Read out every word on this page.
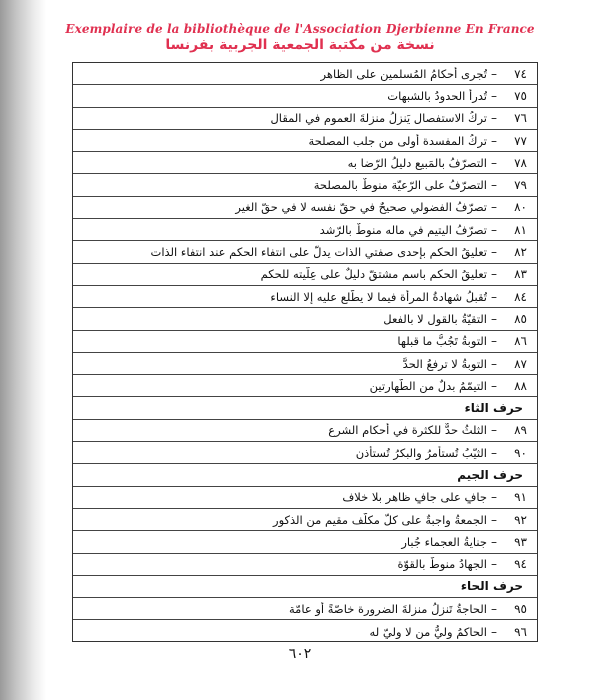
Exemplaire de la bibliothèque de l'Association Djerbienne En France
نسخة من مكتبة الجمعية الجربية بفرنسا
٧٤
–
تُجرى أحكامُ المُسلمين على الظاهر
٧٥
–
تُدرأ الحدودُ بالشبهات
٧٦
–
تركُ الاستفصال يَنزلُ منزلةَ العموم في المقال
٧٧
–
تركُ المفسدة أولى من جلب المصلحة
٧٨
–
التصرّفُ بالمَبيع دليلُ الرّضا به
٧٩
–
التصرّفُ على الرّعيّة منوطٌ بالمصلحة
٨٠
–
تصرّفُ الفضولي صحيحٌ في حقّ نفسه لا في حقّ الغير
٨١
–
تصرّفُ اليتيم في ماله منوطٌ بالرّشد
٨٢
–
تعليقُ الحكم بإحدى صفتي الذات يدلّ على انتفاء الحكم عند انتفاء الذات
٨٣
–
تعليقُ الحكم باسم مشتقّ دليلٌ على عِلّيته للحكم
٨٤
–
تُقبلُ شهادةُ المرأة فيما لا يطّلع عليه إلا النساء
٨٥
–
التقيّةُ بالقول لا بالفعل
٨٦
–
التوبةُ تَجُبُّ ما قبلها
٨٧
–
التوبةُ لا ترفعُ الحدَّ
٨٨
–
التيمّمُ بدلٌ من الطّهارتين
حرف الثاء
٨٩
–
الثلثُ حدٌّ للكثرة في أحكام الشرع
٩٠
–
الثيّبُ تُستأمرُ والبكرُ تُستأذن
حرف الجيم
٩١
–
جافٍ على جافٍ ظاهرٍ بلا خلاف
٩٢
–
الجمعةُ واجبةٌ على كلّ مكلّف مقيمٍ من الذكور
٩٣
–
جنايةُ العجماء جُبار
٩٤
–
الجهادُ منوطٌ بالقوّة
حرف الحاء
٩٥
–
الحاجةُ تَنزلُ منزلةَ الضرورة خاصّةً أو عامّة
٩٦
–
الحاكمُ وليُّ من لا وليّ له
٦٠٢
